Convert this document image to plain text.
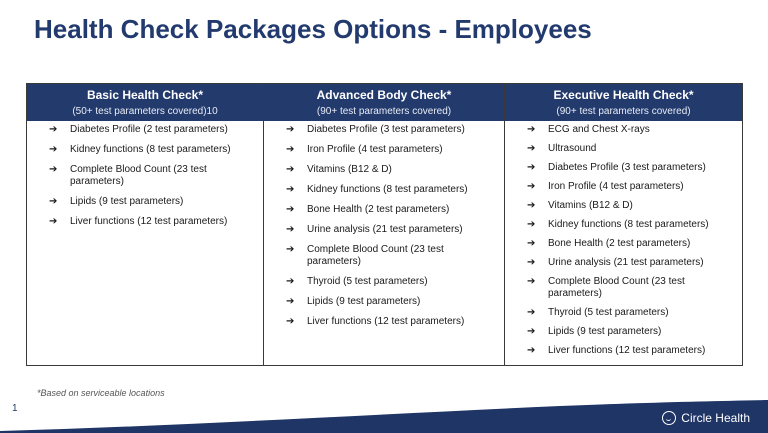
Health Check Packages Options - Employees
Basic Health Check*
(50+ test parameters covered)10
➔	Diabetes Profile (2 test parameters)
➔	Kidney functions (8 test parameters)
➔	Complete Blood Count (23 test parameters)
➔	Lipids (9 test parameters)
➔	Liver functions (12 test parameters)
Advanced Body Check*
(90+ test parameters covered)
➔	Diabetes Profile (3 test parameters)
➔	Iron Profile (4 test parameters)
➔	Vitamins (B12 & D)
➔	Kidney functions (8 test parameters)
➔	Bone Health (2 test parameters)
➔	Urine analysis (21 test parameters)
➔	Complete Blood Count (23 test parameters)
➔	Thyroid (5 test parameters)
➔	Lipids (9 test parameters)
➔	Liver functions (12 test parameters)
Executive Health Check*
(90+ test parameters covered)
➔	ECG and Chest X-rays
➔	Ultrasound
➔	Diabetes Profile (3 test parameters)
➔	Iron Profile (4 test parameters)
➔	Vitamins (B12 & D)
➔	Kidney functions (8 test parameters)
➔	Bone Health (2 test parameters)
➔	Urine analysis (21 test parameters)
➔	Complete Blood Count (23 test parameters)
➔	Thyroid (5 test parameters)
➔	Lipids (9 test parameters)
➔	Liver functions (12 test parameters)
*Based on serviceable locations
1
Circle Health
